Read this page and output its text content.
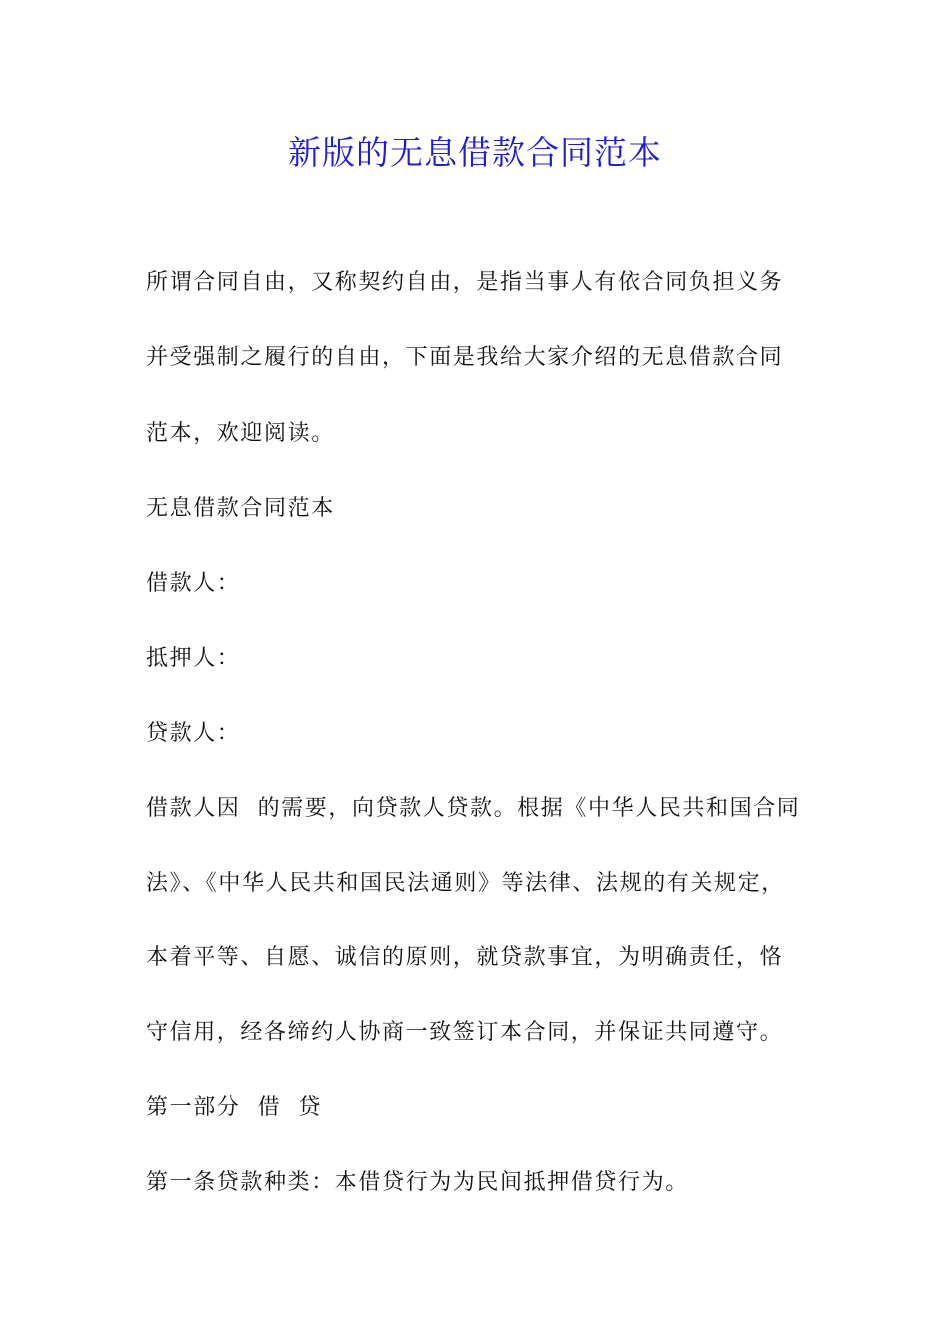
新版的无息借款合同范本

所谓合同自由，又称契约自由，是指当事人有依合同负担义务

并受强制之履行的自由，下面是我给大家介绍的无息借款合同

范本，欢迎阅读。

无息借款合同范本

借款人：

抵押人：

贷款人：

借款人因  的需要，向贷款人贷款。根据《中华人民共和国合同

法》、《中华人民共和国民法通则》等法律、法规的有关规定，

本着平等、自愿、诚信的原则，就贷款事宜，为明确责任，恪

守信用，经各缔约人协商一致签订本合同，并保证共同遵守。

第一部分  借  贷

第一条贷款种类：本借贷行为为民间抵押借贷行为。
